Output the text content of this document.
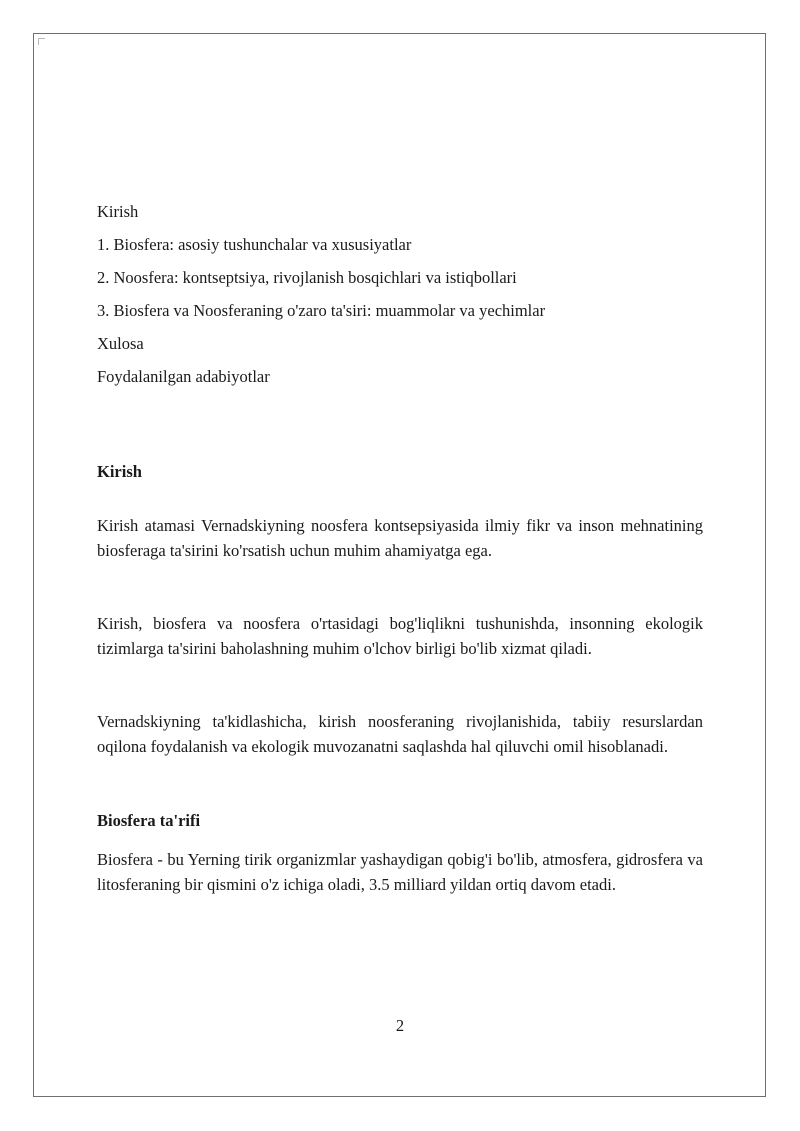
Kirish
1. Biosfera: asosiy tushunchalar va xususiyatlar
2. Noosfera: kontseptsiya, rivojlanish bosqichlari va istiqbollari
3. Biosfera va Noosferaning o'zaro ta'siri: muammolar va yechimlar
Xulosa
Foydalanilgan adabiyotlar
Kirish

Kirish atamasi Vernadskiyning noosfera kontsepsiyasida ilmiy fikr va inson mehnatining biosferaga ta'sirini ko'rsatish uchun muhim ahamiyatga ega.

Kirish, biosfera va noosfera o'rtasidagi bog'liqlikni tushunishda, insonning ekologik tizimlarga ta'sirini baholashning muhim o'lchov birligi bo'lib xizmat qiladi.

Vernadskiyning ta'kidlashicha, kirish noosferaning rivojlanishida, tabiiy resurslardan oqilona foydalanish va ekologik muvozanatni saqlashda hal qiluvchi omil hisoblanadi.

Biosfera ta'rifi

Biosfera - bu Yerning tirik organizmlar yashaydigan qobig'i bo'lib, atmosfera, gidrosfera va litosferaning bir qismini o'z ichiga oladi, 3.5 milliard yildan ortiq davom etadi.

2
